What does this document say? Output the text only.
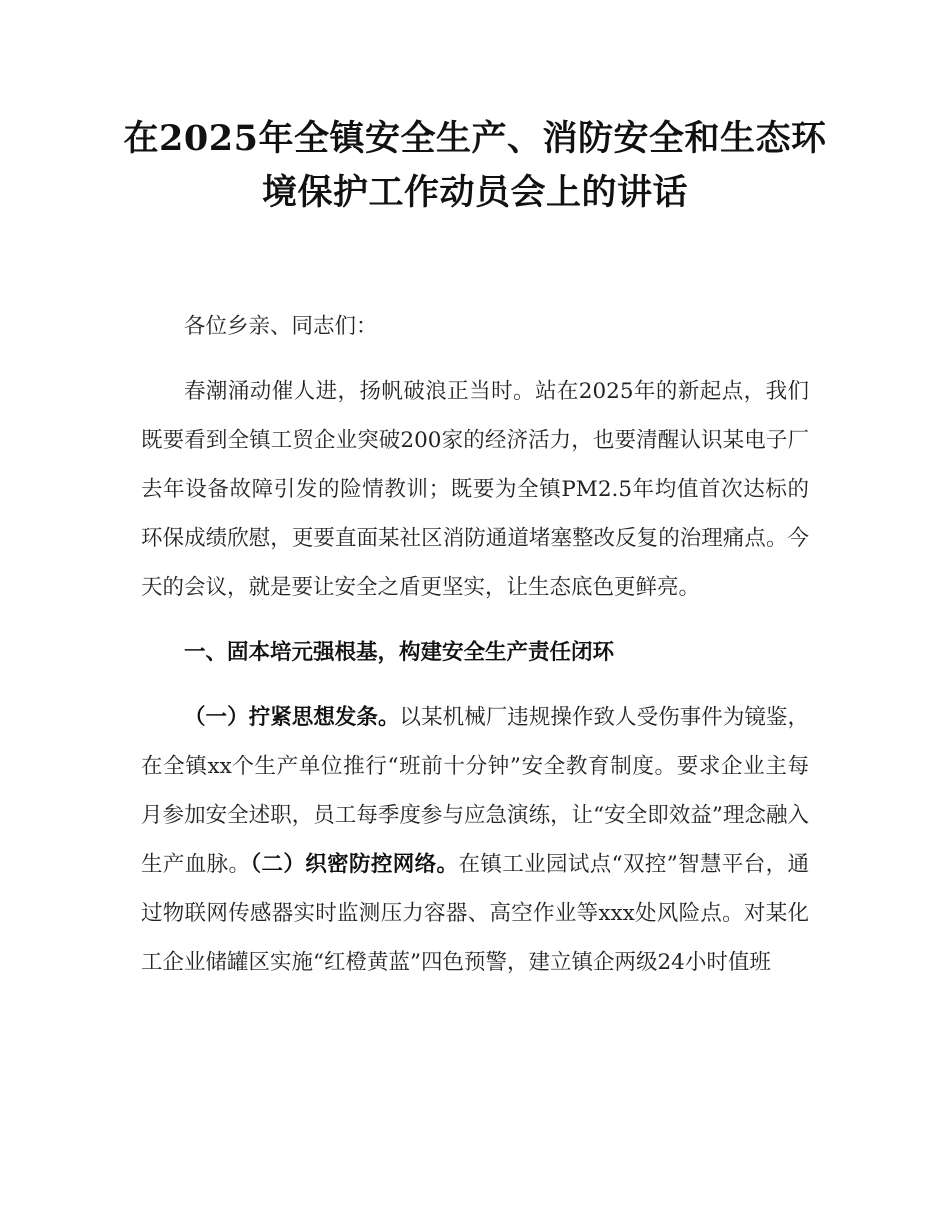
在2025年全镇安全生产、消防安全和生态环
境保护工作动员会上的讲话

各位乡亲、同志们：

春潮涌动催人进，扬帆破浪正当时。站在2025年的新起点，我们既要看到全镇工贸企业突破200家的经济活力，也要清醒认识某电子厂去年设备故障引发的险情教训；既要为全镇PM2.5年均值首次达标的环保成绩欣慰，更要直面某社区消防通道堵塞整改反复的治理痛点。今天的会议，就是要让安全之盾更坚实，让生态底色更鲜亮。

一、固本培元强根基，构建安全生产责任闭环

（一）拧紧思想发条。以某机械厂违规操作致人受伤事件为镜鉴，在全镇xx个生产单位推行“班前十分钟”安全教育制度。要求企业主每月参加安全述职，员工每季度参与应急演练，让“安全即效益”理念融入生产血脉。（二）织密防控网络。在镇工业园试点“双控”智慧平台，通过物联网传感器实时监测压力容器、高空作业等xxx处风险点。对某化工企业储罐区实施“红橙黄蓝”四色预警，建立镇企两级24小时值班
